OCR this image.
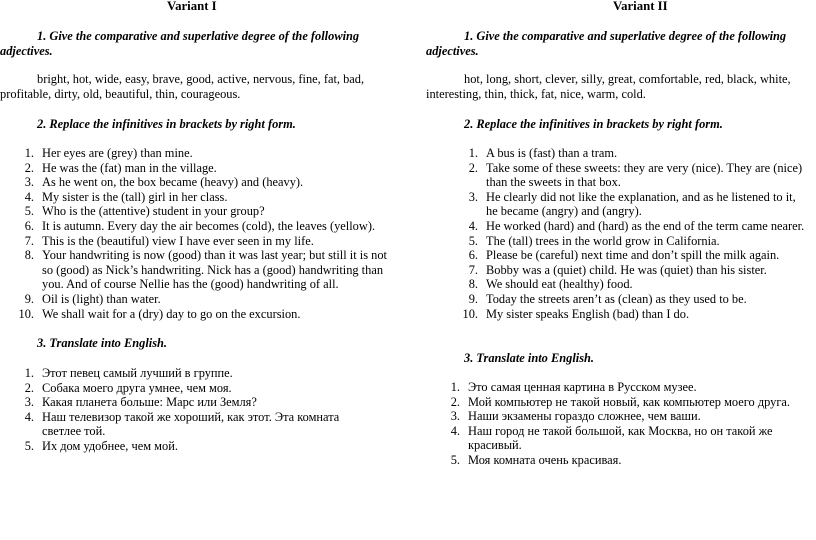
Variant I

1. Give the comparative and superlative degree of the following adjectives.

bright, hot, wide, easy, brave, good, active, nervous, fine, fat, bad, profitable, dirty, old, beautiful, thin, courageous.

2. Replace the infinitives in brackets by right form.

1. Her eyes are (grey) than mine.
2. He was the (fat) man in the village.
3. As he went on, the box became (heavy) and (heavy).
4. My sister is the (tall) girl in her class.
5. Who is the (attentive) student in your group?
6. It is autumn. Every day the air becomes (cold), the leaves (yellow).
7. This is the (beautiful) view I have ever seen in my life.
8. Your handwriting is now (good) than it was last year; but still it is not so (good) as Nick’s handwriting. Nick has a (good) handwriting than you. And of course Nellie has the (good) handwriting of all.
9. Oil is (light) than water.
10. We shall wait for a (dry) day to go on the excursion.

3. Translate into English.

1. Этот певец самый лучший в группе.
2. Собака моего друга умнее, чем моя.
3. Какая планета больше: Марс или Земля?
4. Наш телевизор такой же хороший, как этот. Эта комната светлее той.
5. Их дом удобнее, чем мой.
Variant II

1. Give the comparative and superlative degree of the following adjectives.

hot, long, short, clever, silly, great, comfortable, red, black, white, interesting, thin, thick, fat, nice, warm, cold.

2. Replace the infinitives in brackets by right form.

1. A bus is (fast) than a tram.
2. Take some of these sweets: they are very (nice). They are (nice) than the sweets in that box.
3. He clearly did not like the explanation, and as he listened to it, he became (angry) and (angry).
4. He worked (hard) and (hard) as the end of the term came nearer.
5. The (tall) trees in the world grow in California.
6. Please be (careful) next time and don’t spill the milk again.
7. Bobby was a (quiet) child. He was (quiet) than his sister.
8. We should eat (healthy) food.
9. Today the streets aren’t as (clean) as they used to be.
10. My sister speaks English (bad) than I do.

3. Translate into English.

1. Это самая ценная картина в Русском музее.
2. Мой компьютер не такой новый, как компьютер моего друга.
3. Наши экзамены гораздо сложнее, чем ваши.
4. Наш город не такой большой, как Москва, но он такой же красивый.
5. Моя комната очень красивая.
